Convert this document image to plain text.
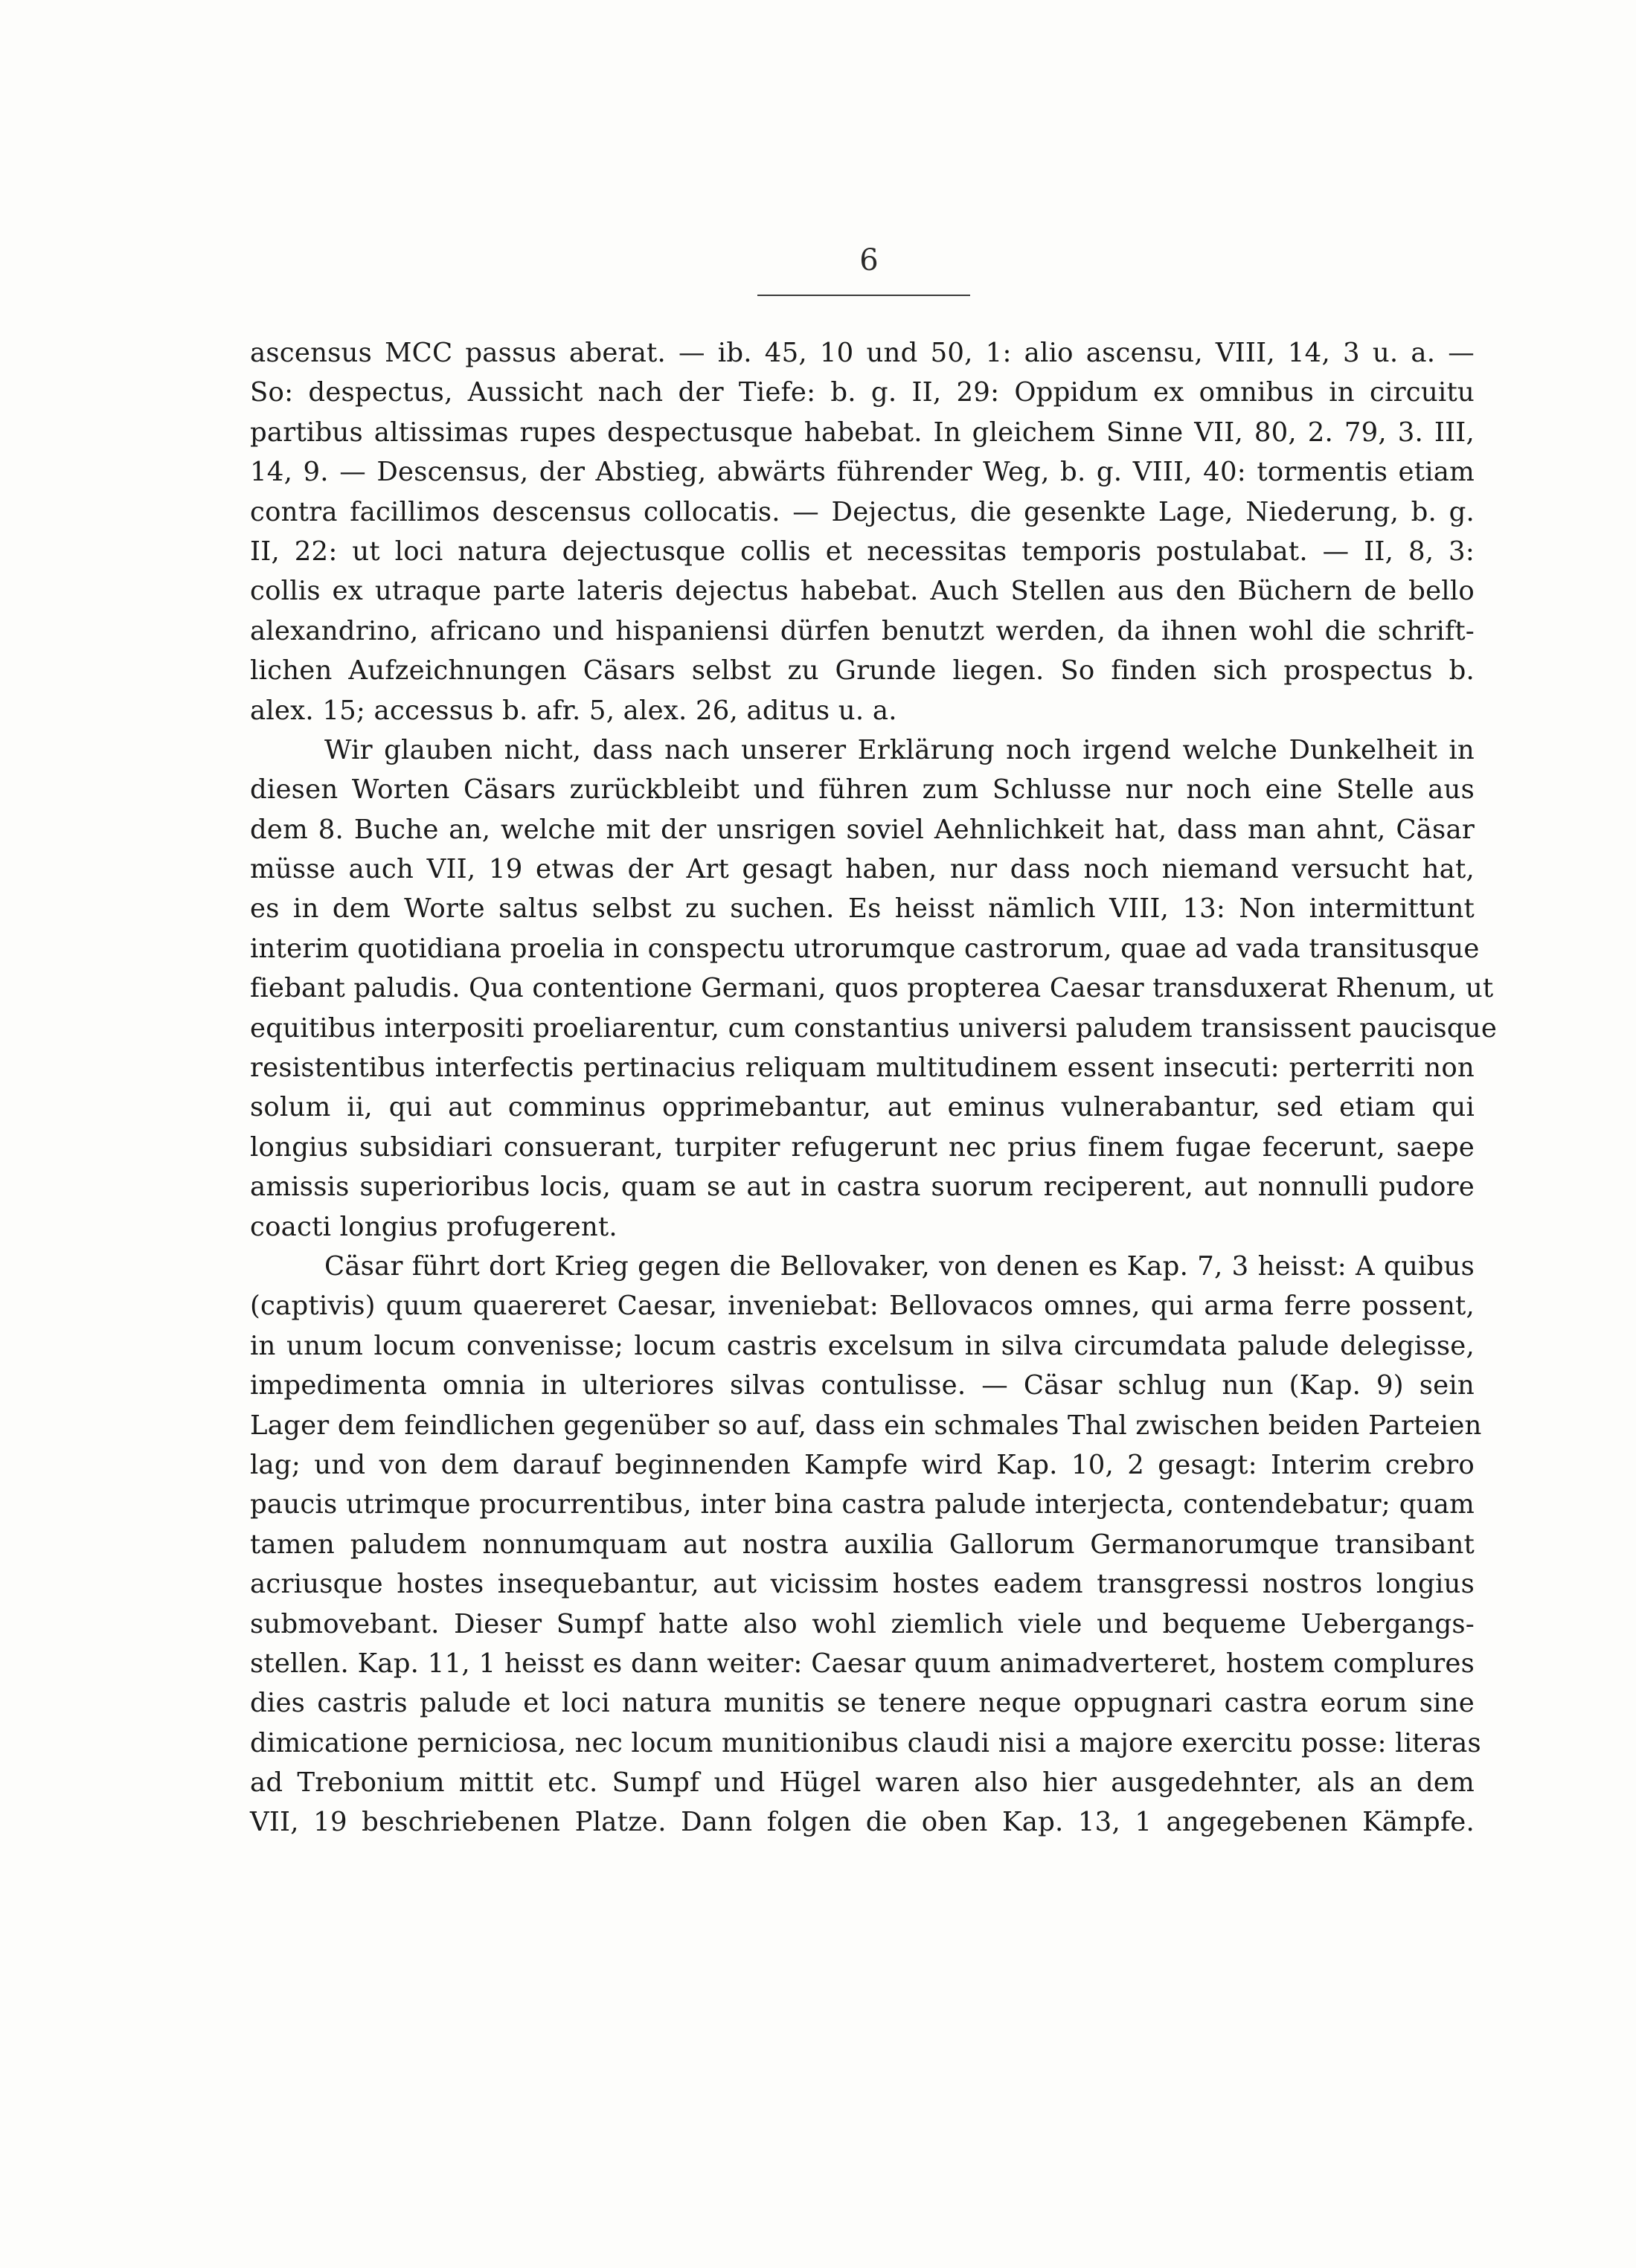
6
ascensus MCC passus aberat. — ib. 45, 10 und 50, 1: alio ascensu, VIII, 14, 3 u. a. —
So: despectus, Aussicht nach der Tiefe: b. g. II, 29: Oppidum ex omnibus in circuitu
partibus altissimas rupes despectusque habebat. In gleichem Sinne VII, 80, 2. 79, 3. III,
14, 9. — Descensus, der Abstieg, abwärts führender Weg, b. g. VIII, 40: tormentis etiam
contra facillimos descensus collocatis. — Dejectus, die gesenkte Lage, Niederung, b. g.
II, 22: ut loci natura dejectusque collis et necessitas temporis postulabat. — II, 8, 3:
collis ex utraque parte lateris dejectus habebat. Auch Stellen aus den Büchern de bello
alexandrino, africano und hispaniensi dürfen benutzt werden, da ihnen wohl die schrift-
lichen Aufzeichnungen Cäsars selbst zu Grunde liegen. So finden sich prospectus b.
alex. 15; accessus b. afr. 5, alex. 26, aditus u. a.
Wir glauben nicht, dass nach unserer Erklärung noch irgend welche Dunkelheit in
diesen Worten Cäsars zurückbleibt und führen zum Schlusse nur noch eine Stelle aus
dem 8. Buche an, welche mit der unsrigen soviel Aehnlichkeit hat, dass man ahnt, Cäsar
müsse auch VII, 19 etwas der Art gesagt haben, nur dass noch niemand versucht hat,
es in dem Worte saltus selbst zu suchen. Es heisst nämlich VIII, 13: Non intermittunt
interim quotidiana proelia in conspectu utrorumque castrorum, quae ad vada transitusque
fiebant paludis. Qua contentione Germani, quos propterea Caesar transduxerat Rhenum, ut
equitibus interpositi proeliarentur, cum constantius universi paludem transissent paucisque
resistentibus interfectis pertinacius reliquam multitudinem essent insecuti: perterriti non
solum ii, qui aut comminus opprimebantur, aut eminus vulnerabantur, sed etiam qui
longius subsidiari consuerant, turpiter refugerunt nec prius finem fugae fecerunt, saepe
amissis superioribus locis, quam se aut in castra suorum reciperent, aut nonnulli pudore
coacti longius profugerent.
Cäsar führt dort Krieg gegen die Bellovaker, von denen es Kap. 7, 3 heisst: A quibus
(captivis) quum quaereret Caesar, inveniebat: Bellovacos omnes, qui arma ferre possent,
in unum locum convenisse; locum castris excelsum in silva circumdata palude delegisse,
impedimenta omnia in ulteriores silvas contulisse. — Cäsar schlug nun (Kap. 9) sein
Lager dem feindlichen gegenüber so auf, dass ein schmales Thal zwischen beiden Parteien
lag; und von dem darauf beginnenden Kampfe wird Kap. 10, 2 gesagt: Interim crebro
paucis utrimque procurrentibus, inter bina castra palude interjecta, contendebatur; quam
tamen paludem nonnumquam aut nostra auxilia Gallorum Germanorumque transibant
acriusque hostes insequebantur, aut vicissim hostes eadem transgressi nostros longius
submovebant. Dieser Sumpf hatte also wohl ziemlich viele und bequeme Uebergangs-
stellen. Kap. 11, 1 heisst es dann weiter: Caesar quum animadverteret, hostem complures
dies castris palude et loci natura munitis se tenere neque oppugnari castra eorum sine
dimicatione perniciosa, nec locum munitionibus claudi nisi a majore exercitu posse: literas
ad Trebonium mittit etc. Sumpf und Hügel waren also hier ausgedehnter, als an dem
VII, 19 beschriebenen Platze. Dann folgen die oben Kap. 13, 1 angegebenen Kämpfe.
